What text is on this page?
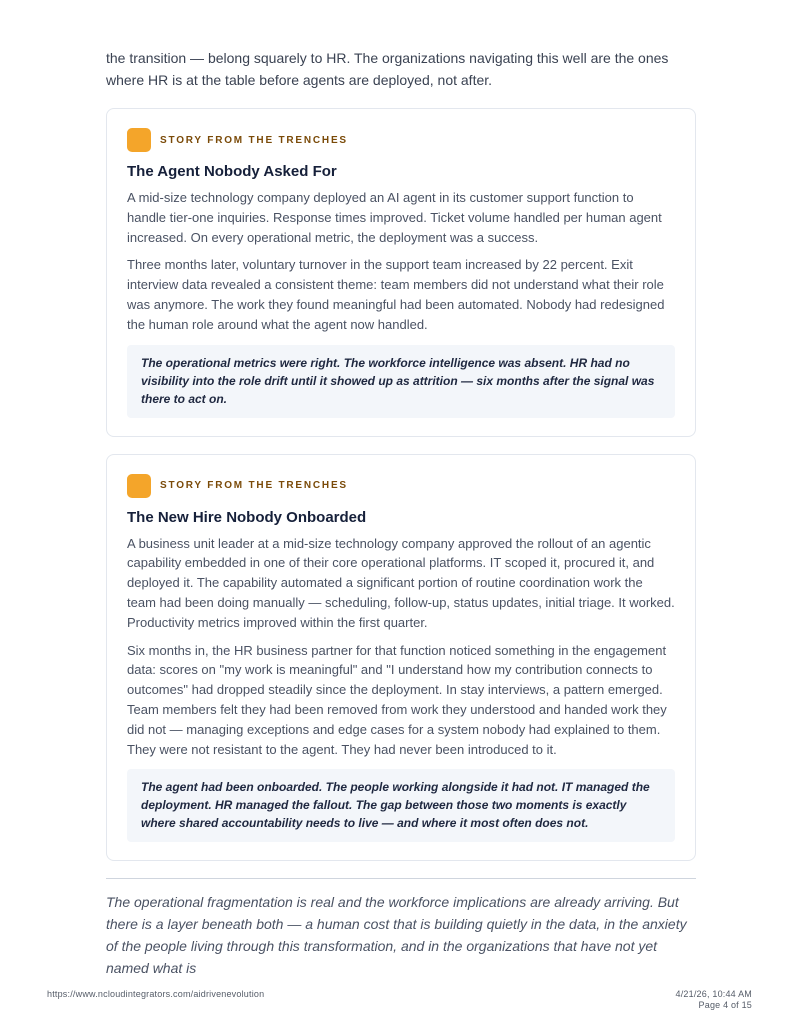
the transition — belong squarely to HR. The organizations navigating this well are the ones where HR is at the table before agents are deployed, not after.

STORY FROM THE TRENCHES
The Agent Nobody Asked For

A mid-size technology company deployed an AI agent in its customer support function to handle tier-one inquiries. Response times improved. Ticket volume handled per human agent increased. On every operational metric, the deployment was a success.

Three months later, voluntary turnover in the support team increased by 22 percent. Exit interview data revealed a consistent theme: team members did not understand what their role was anymore. The work they found meaningful had been automated. Nobody had redesigned the human role around what the agent now handled.

The operational metrics were right. The workforce intelligence was absent. HR had no visibility into the role drift until it showed up as attrition — six months after the signal was there to act on.
STORY FROM THE TRENCHES
The New Hire Nobody Onboarded

A business unit leader at a mid-size technology company approved the rollout of an agentic capability embedded in one of their core operational platforms. IT scoped it, procured it, and deployed it. The capability automated a significant portion of routine coordination work the team had been doing manually — scheduling, follow-up, status updates, initial triage. It worked. Productivity metrics improved within the first quarter.

Six months in, the HR business partner for that function noticed something in the engagement data: scores on "my work is meaningful" and "I understand how my contribution connects to outcomes" had dropped steadily since the deployment. In stay interviews, a pattern emerged. Team members felt they had been removed from work they understood and handed work they did not — managing exceptions and edge cases for a system nobody had explained to them. They were not resistant to the agent. They had never been introduced to it.

The agent had been onboarded. The people working alongside it had not. IT managed the deployment. HR managed the fallout. The gap between those two moments is exactly where shared accountability needs to live — and where it most often does not.

The operational fragmentation is real and the workforce implications are already arriving. But there is a layer beneath both — a human cost that is building quietly in the data, in the anxiety of the people living through this transformation, and in the organizations that have not yet named what is

https://www.ncloudintegrators.com/aidrivenevolution	4/21/26, 10:44 AM
Page 4 of 15
